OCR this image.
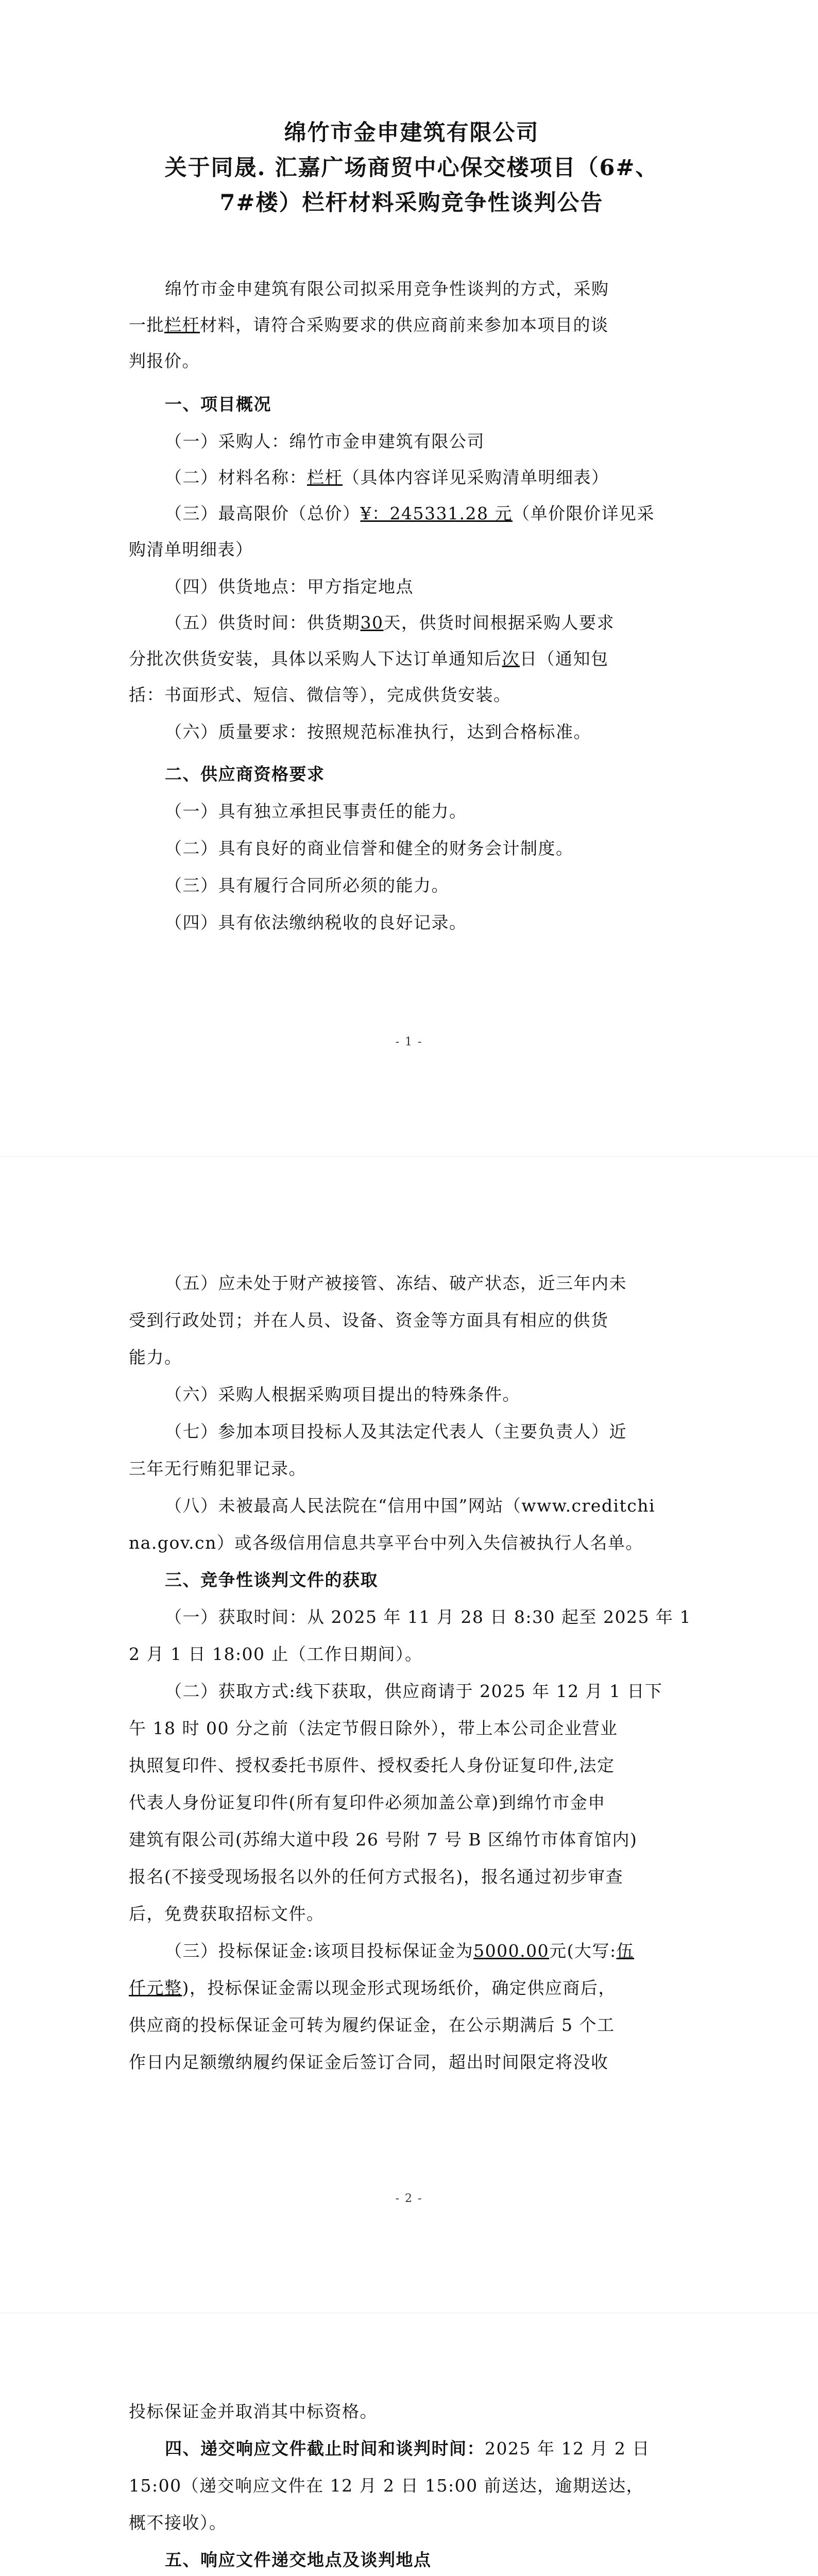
绵竹市金申建筑有限公司
关于同晟. 汇嘉广场商贸中心保交楼项目（6#、
7#楼）栏杆材料采购竞争性谈判公告
绵竹市金申建筑有限公司拟采用竞争性谈判的方式，采购
一批栏杆材料，请符合采购要求的供应商前来参加本项目的谈
判报价。
一、项目概况
（一）采购人：绵竹市金申建筑有限公司
（二）材料名称：栏杆（具体内容详见采购清单明细表）
（三）最高限价（总价）¥：245331.28 元（单价限价详见采
购清单明细表）
（四）供货地点：甲方指定地点
（五）供货时间：供货期30天，供货时间根据采购人要求
分批次供货安装，具体以采购人下达订单通知后次日（通知包
括：书面形式、短信、微信等），完成供货安装。
（六）质量要求：按照规范标准执行，达到合格标准。
二、供应商资格要求
（一）具有独立承担民事责任的能力。
（二）具有良好的商业信誉和健全的财务会计制度。
（三）具有履行合同所必须的能力。
（四）具有依法缴纳税收的良好记录。
- 1 -
（五）应未处于财产被接管、冻结、破产状态，近三年内未
受到行政处罚；并在人员、设备、资金等方面具有相应的供货
能力。
（六）采购人根据采购项目提出的特殊条件。
（七）参加本项目投标人及其法定代表人（主要负责人）近
三年无行贿犯罪记录。
（八）未被最高人民法院在“信用中国”网站（www.creditchi
na.gov.cn）或各级信用信息共享平台中列入失信被执行人名单。
三、竞争性谈判文件的获取
（一）获取时间：从 2025 年 11 月 28 日 8:30 起至 2025 年 1
2 月 1 日 18:00 止（工作日期间）。
（二）获取方式:线下获取，供应商请于 2025 年 12 月 1 日下
午 18 时 00 分之前（法定节假日除外），带上本公司企业营业
执照复印件、授权委托书原件、授权委托人身份证复印件,法定
代表人身份证复印件(所有复印件必须加盖公章)到绵竹市金申
建筑有限公司(苏绵大道中段 26 号附 7 号 B 区绵竹市体育馆内)
报名(不接受现场报名以外的任何方式报名)，报名通过初步审查
后，免费获取招标文件。
（三）投标保证金:该项目投标保证金为5000.00元(大写:伍
仟元整)，投标保证金需以现金形式现场纸价，确定供应商后，
供应商的投标保证金可转为履约保证金，在公示期满后 5 个工
作日内足额缴纳履约保证金后签订合同，超出时间限定将没收
- 2 -
投标保证金并取消其中标资格。
四、递交响应文件截止时间和谈判时间：2025 年 12 月 2 日
15:00（递交响应文件在 12 月 2 日 15:00 前送达，逾期送达，
概不接收）。
五、响应文件递交地点及谈判地点
